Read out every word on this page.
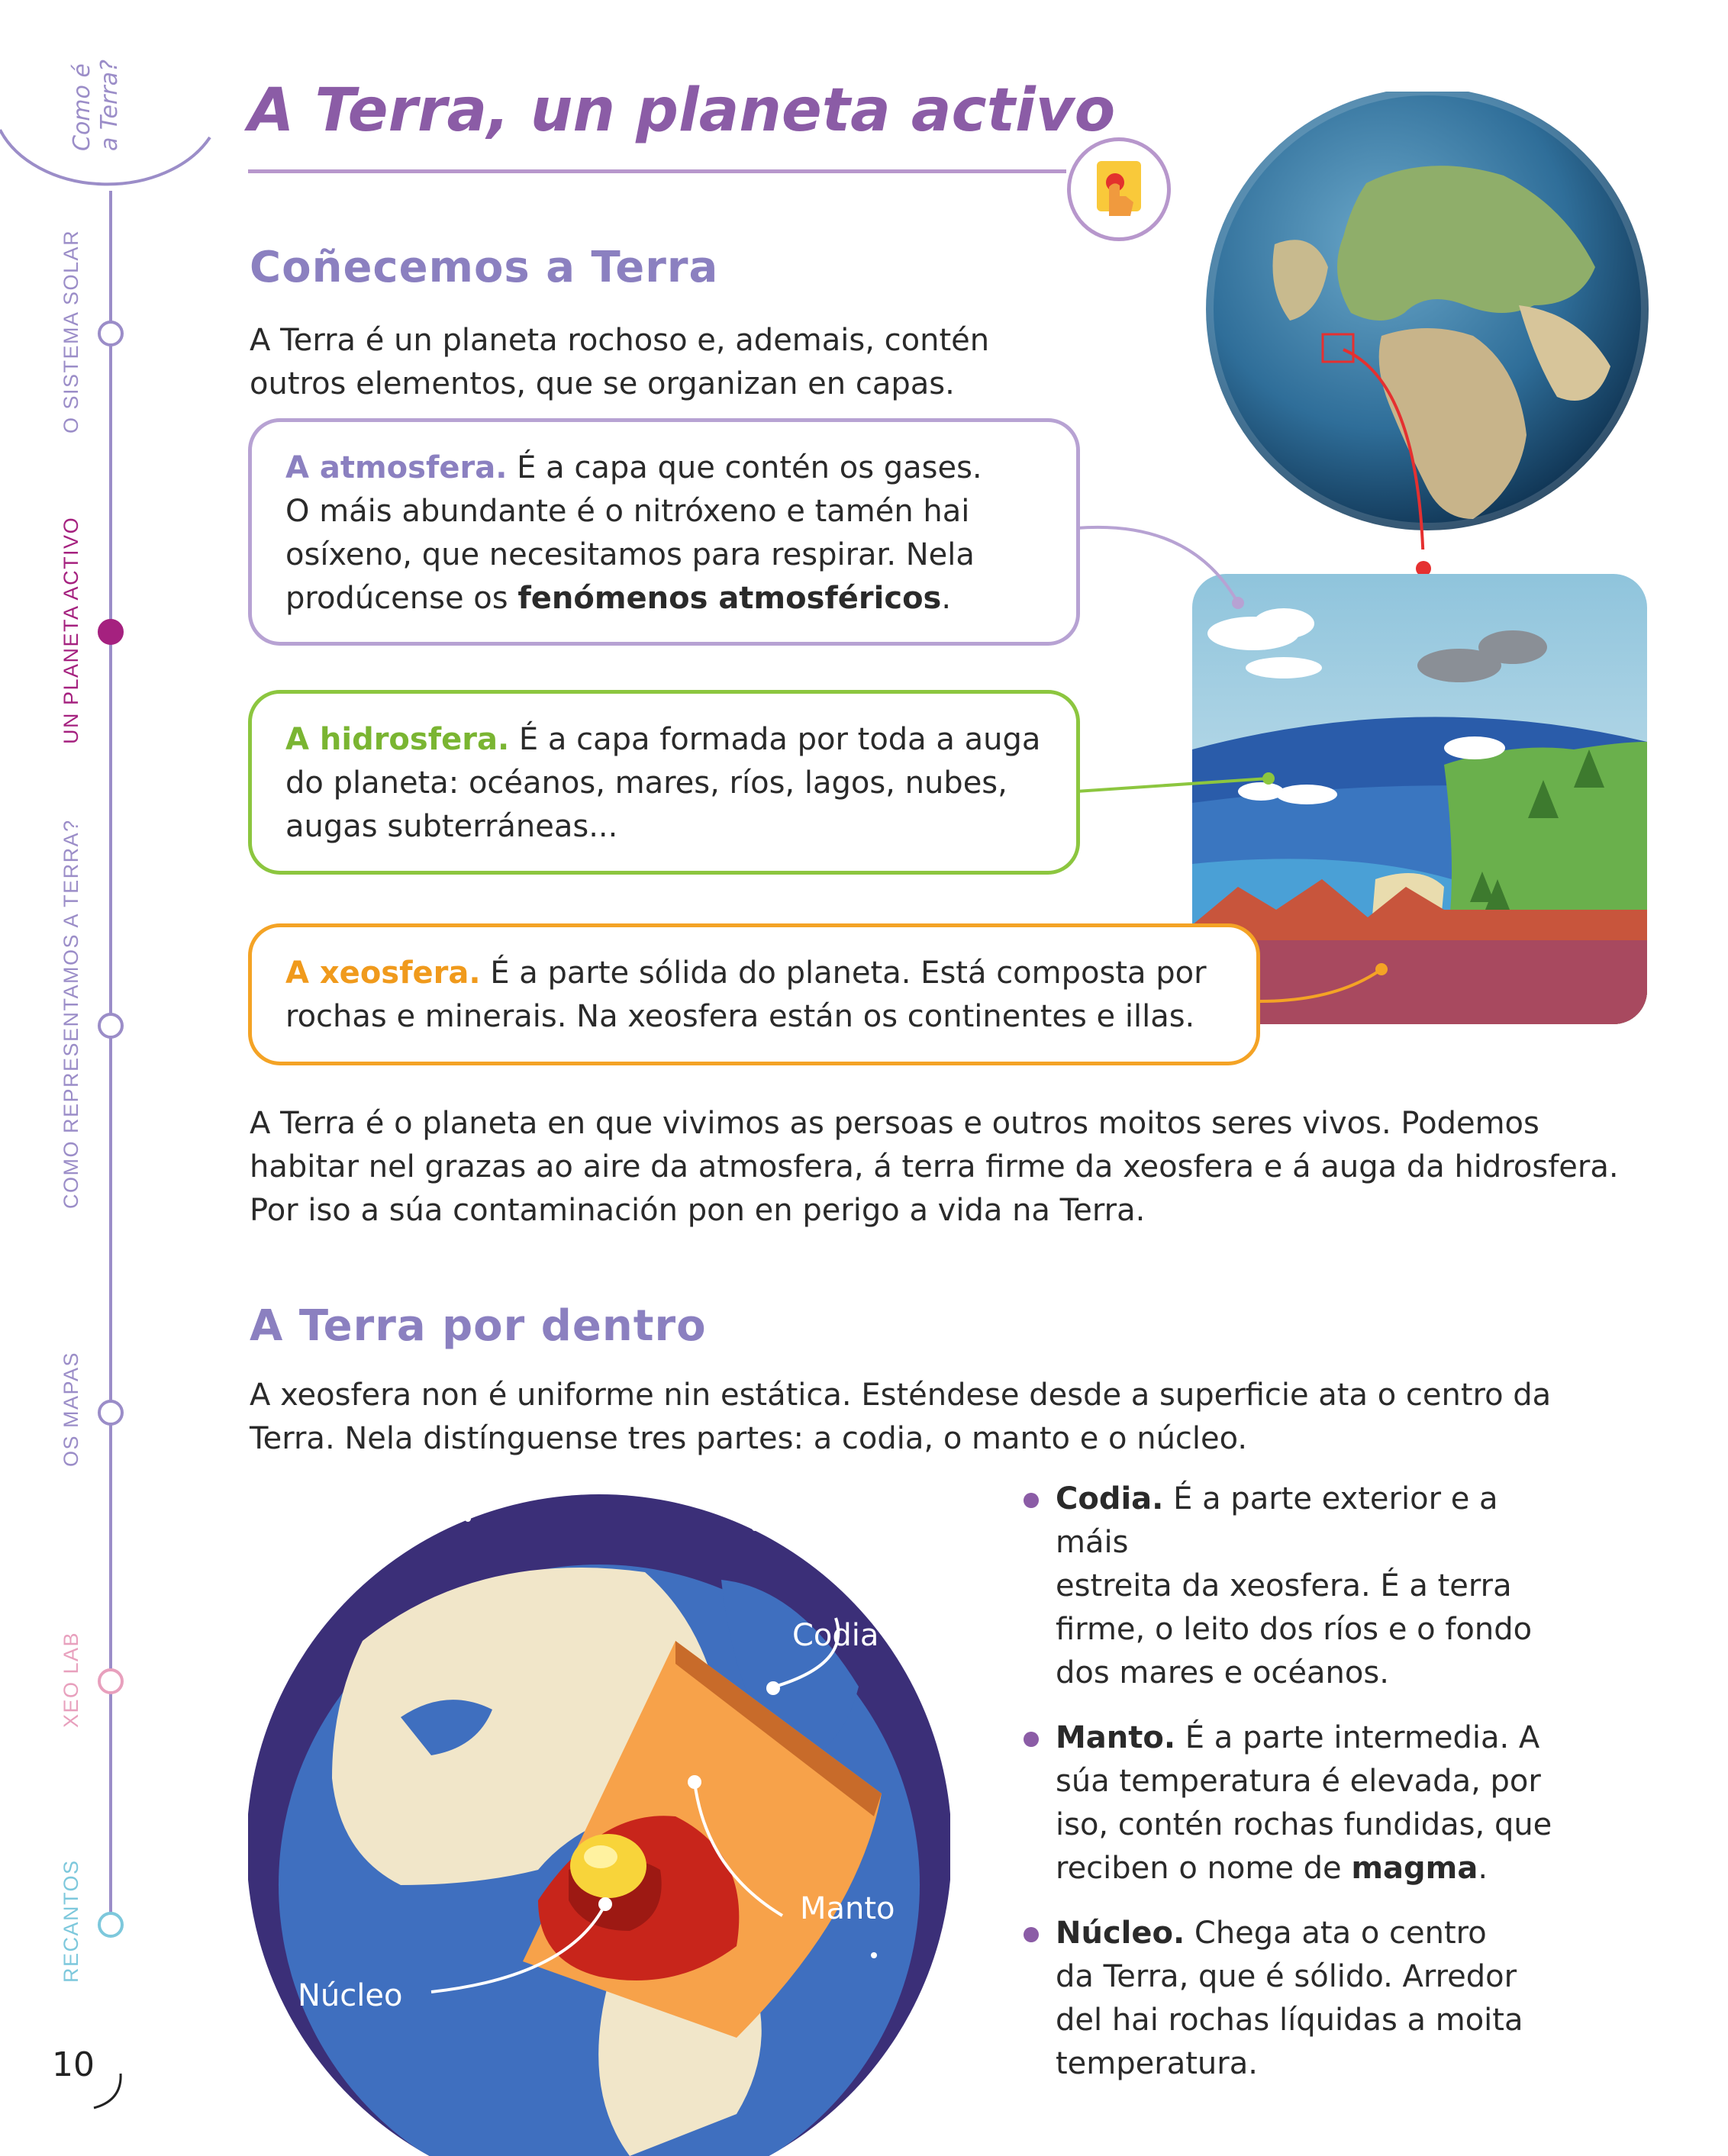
Como é a Terra?
O SISTEMA SOLAR
UN PLANETA ACTIVO
COMO REPRESENTAMOS A TERRA?
OS MAPAS
XEO LAB
RECANTOS
A Terra, un planeta activo
Coñecemos a Terra
A Terra é un planeta rochoso e, ademais, contén
outros elementos, que se organizan en capas.
A atmosfera. É a capa que contén os gases.
O máis abundante é o nitróxeno e tamén hai
osíxeno, que necesitamos para respirar. Nela
prodúcense os fenómenos atmosféricos.
A hidrosfera. É a capa formada por toda a auga
do planeta: océanos, mares, ríos, lagos, nubes,
augas subterráneas...
A xeosfera. É a parte sólida do planeta. Está composta por
rochas e minerais. Na xeosfera están os continentes e illas.
A Terra é o planeta en que vivimos as persoas e outros moitos seres vivos. Podemos
habitar nel grazas ao aire da atmosfera, á terra firme da xeosfera e á auga da hidrosfera.
Por iso a súa contaminación pon en perigo a vida na Terra.
A Terra por dentro
A xeosfera non é uniforme nin estática. Esténdese desde a superficie ata o centro da
Terra. Nela distínguense tres partes: a codia, o manto e o núcleo.
Codia
Manto
Núcleo
Codia. É a parte exterior e a máis
estreita da xeosfera. É a terra
firme, o leito dos ríos e o fondo
dos mares e océanos.
Manto. É a parte intermedia. A
súa temperatura é elevada, por
iso, contén rochas fundidas, que
reciben o nome de magma.
Núcleo. Chega ata o centro
da Terra, que é sólido. Arredor
del hai rochas líquidas a moita
temperatura.
10
